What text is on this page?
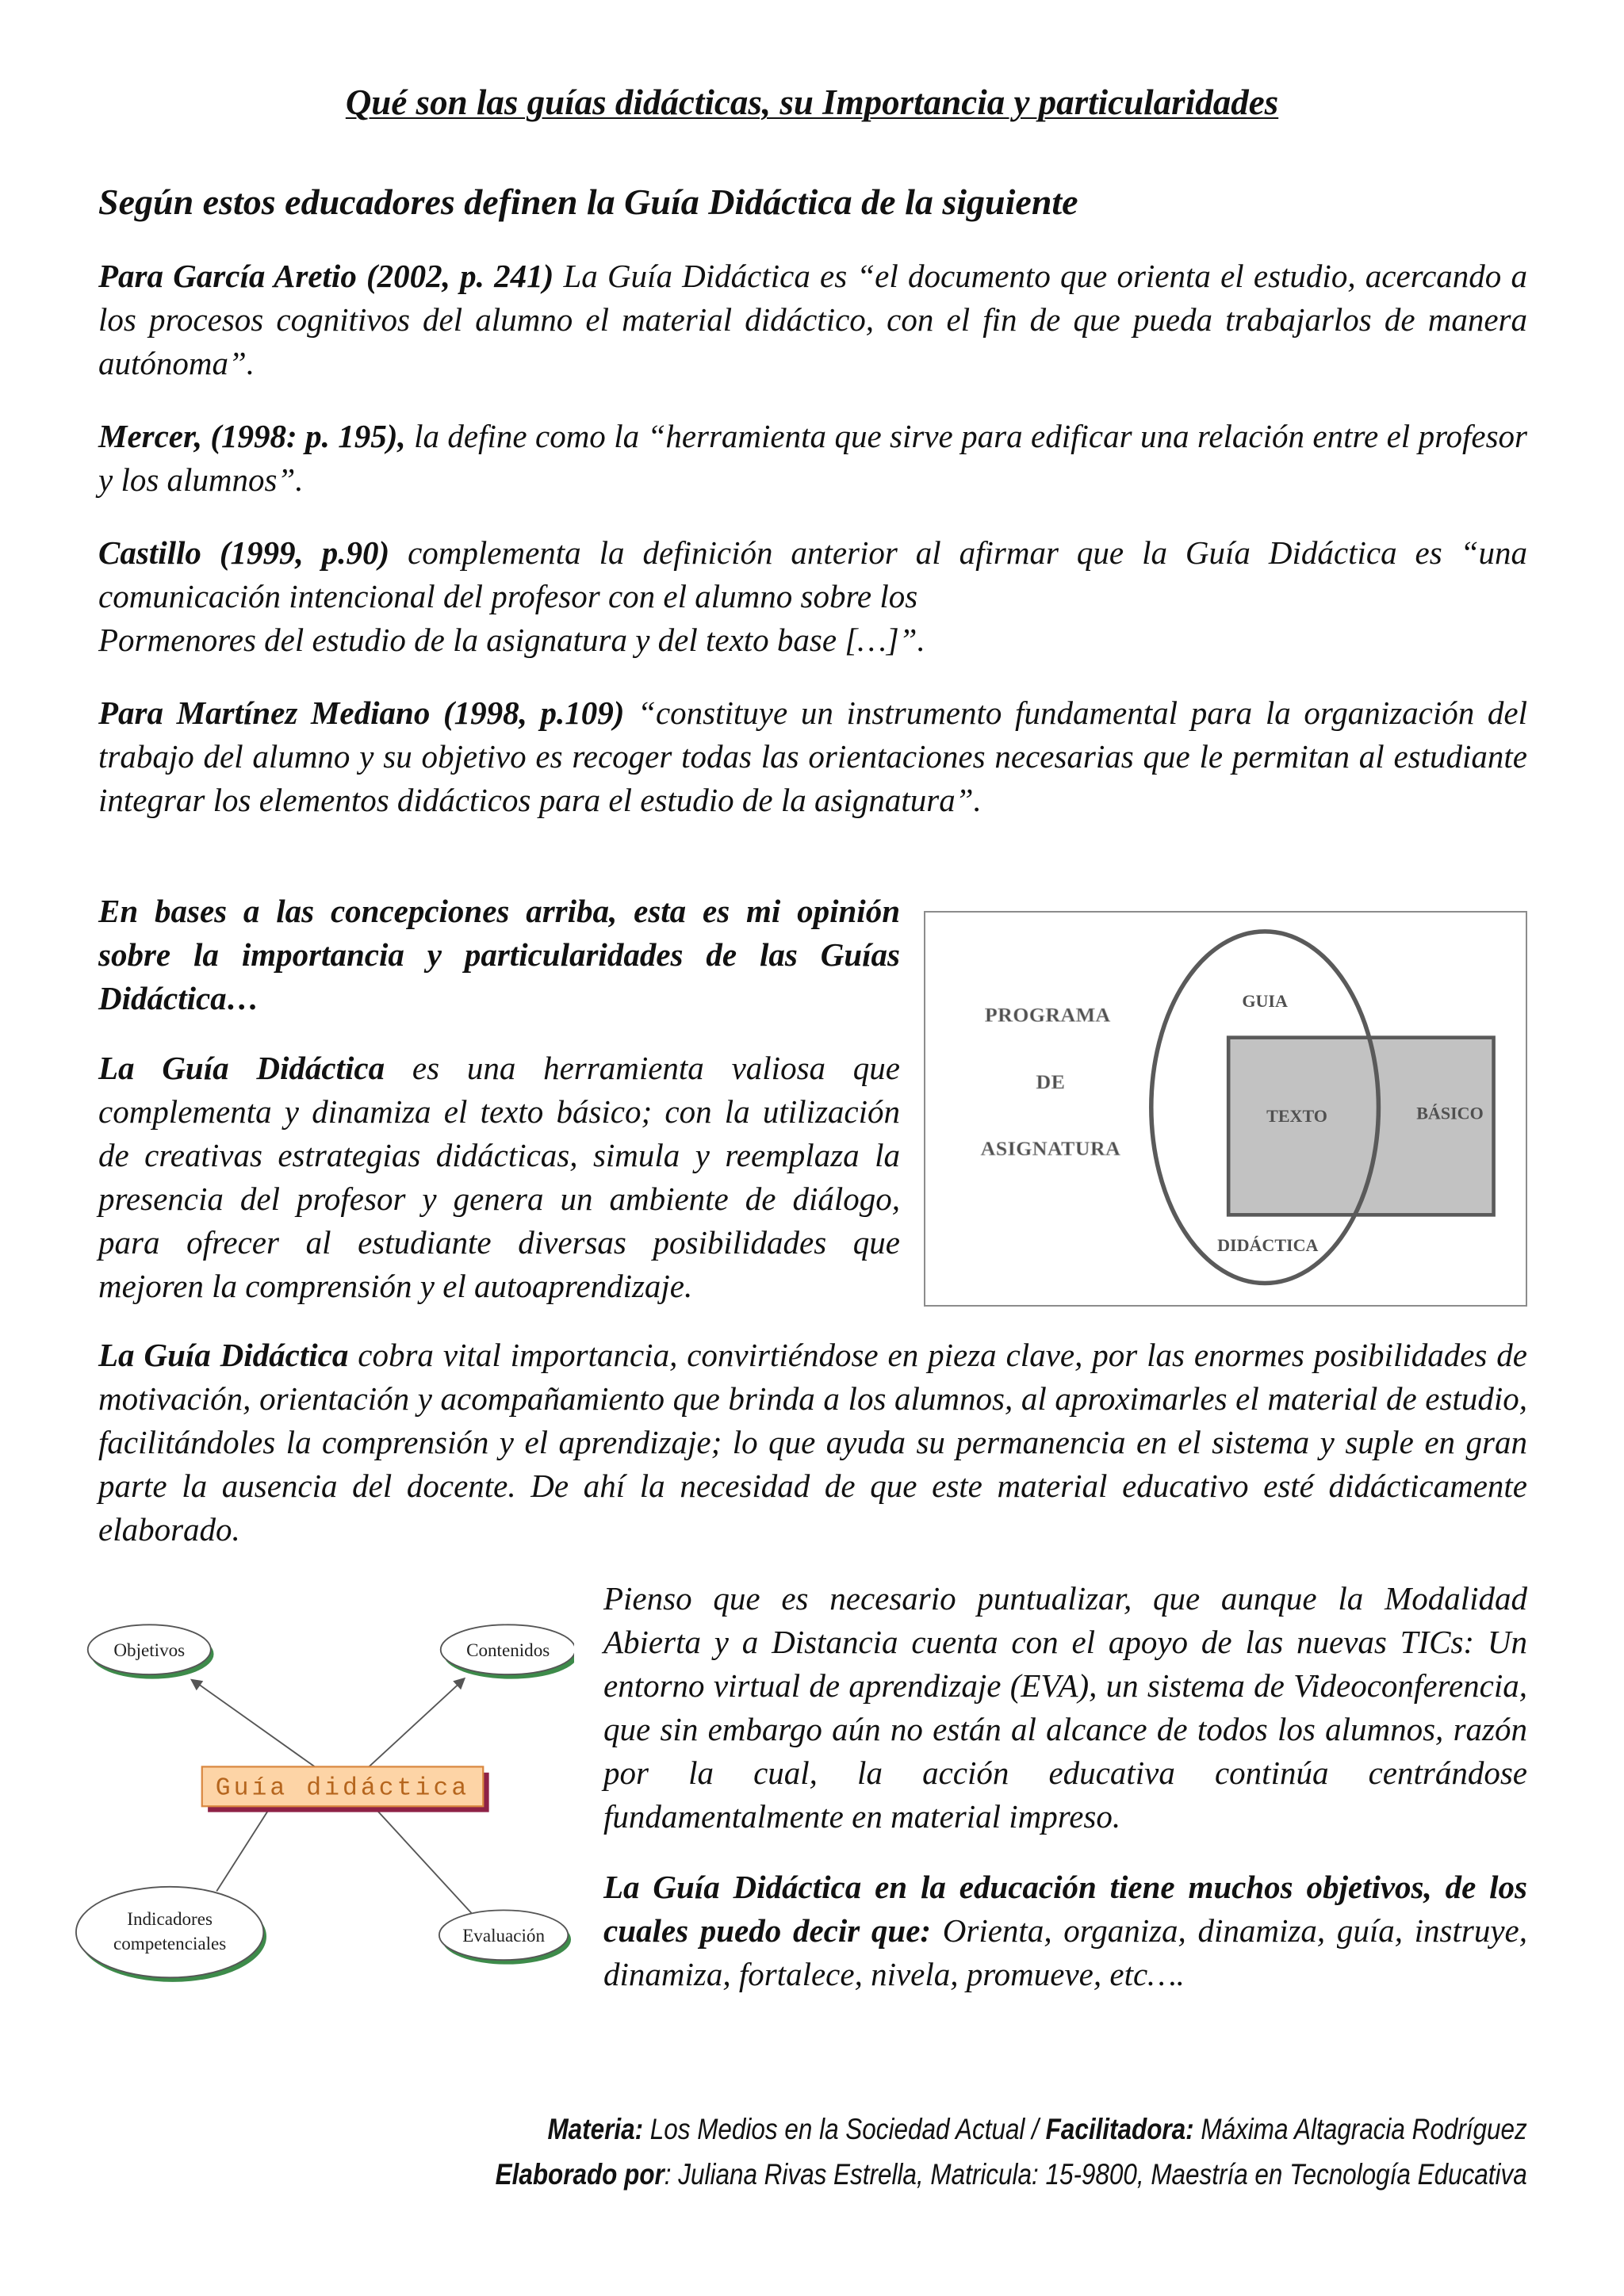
Qué son las guías didácticas, su Importancia y particularidades
Según estos educadores definen la Guía Didáctica de la siguiente

Para García Aretio (2002, p. 241) La Guía Didáctica es “el documento que orienta el estudio, acercando a los procesos cognitivos del alumno el material didáctico, con el fin de que pueda trabajarlos de manera autónoma”.

Mercer, (1998: p. 195), la define como la “herramienta que sirve para edificar una relación entre el profesor y los alumnos”.

Castillo (1999, p.90) complementa la definición anterior al afirmar que la Guía Didáctica es “una comunicación intencional del profesor con el alumno sobre los
Pormenores del estudio de la asignatura y del texto base […]”.

Para Martínez Mediano (1998, p.109) “constituye un instrumento fundamental para la organización del trabajo del alumno y su objetivo es recoger todas las orientaciones necesarias que le permitan al estudiante integrar los elementos didácticos para el estudio de la asignatura”.

En bases a las concepciones arriba, esta es mi opinión sobre la importancia y particularidades de las Guías Didáctica…

La Guía Didáctica es una herramienta valiosa que complementa y dinamiza el texto básico; con la utilización de creativas estrategias didácticas, simula y reemplaza la presencia del profesor y genera un ambiente de diálogo, para ofrecer al estudiante diversas posibilidades que mejoren la comprensión y el autoaprendizaje.

PROGRAMA
DE
ASIGNATURA
GUIA
TEXTO	BÁSICO
DIDÁCTICA

La Guía Didáctica cobra vital importancia, convirtiéndose en pieza clave, por las enormes posibilidades de motivación, orientación y acompañamiento que brinda a los alumnos, al aproximarles el material de estudio, facilitándoles la comprensión y el aprendizaje; lo que ayuda su permanencia en el sistema y suple en gran parte la ausencia del docente. De ahí la necesidad de que este material educativo esté didácticamente elaborado.

Guía didáctica
Objetivos	Contenidos
Indicadores
competenciales	Evaluación

Pienso que es necesario puntualizar, que aunque la Modalidad Abierta y a Distancia cuenta con el apoyo de las nuevas TICs: Un entorno virtual de aprendizaje (EVA), un sistema de Videoconferencia, que sin embargo aún no están al alcance de todos los alumnos, razón por la cual, la acción educativa continúa centrándose fundamentalmente en material impreso.

La Guía Didáctica en la educación tiene muchos objetivos, de los cuales puedo decir que: Orienta, organiza, dinamiza, guía, instruye, dinamiza, fortalece, nivela, promueve, etc….

Materia: Los Medios en la Sociedad Actual / Facilitadora: Máxima Altagracia Rodríguez
Elaborado por: Juliana Rivas Estrella, Matricula: 15-9800, Maestría en Tecnología Educativa
